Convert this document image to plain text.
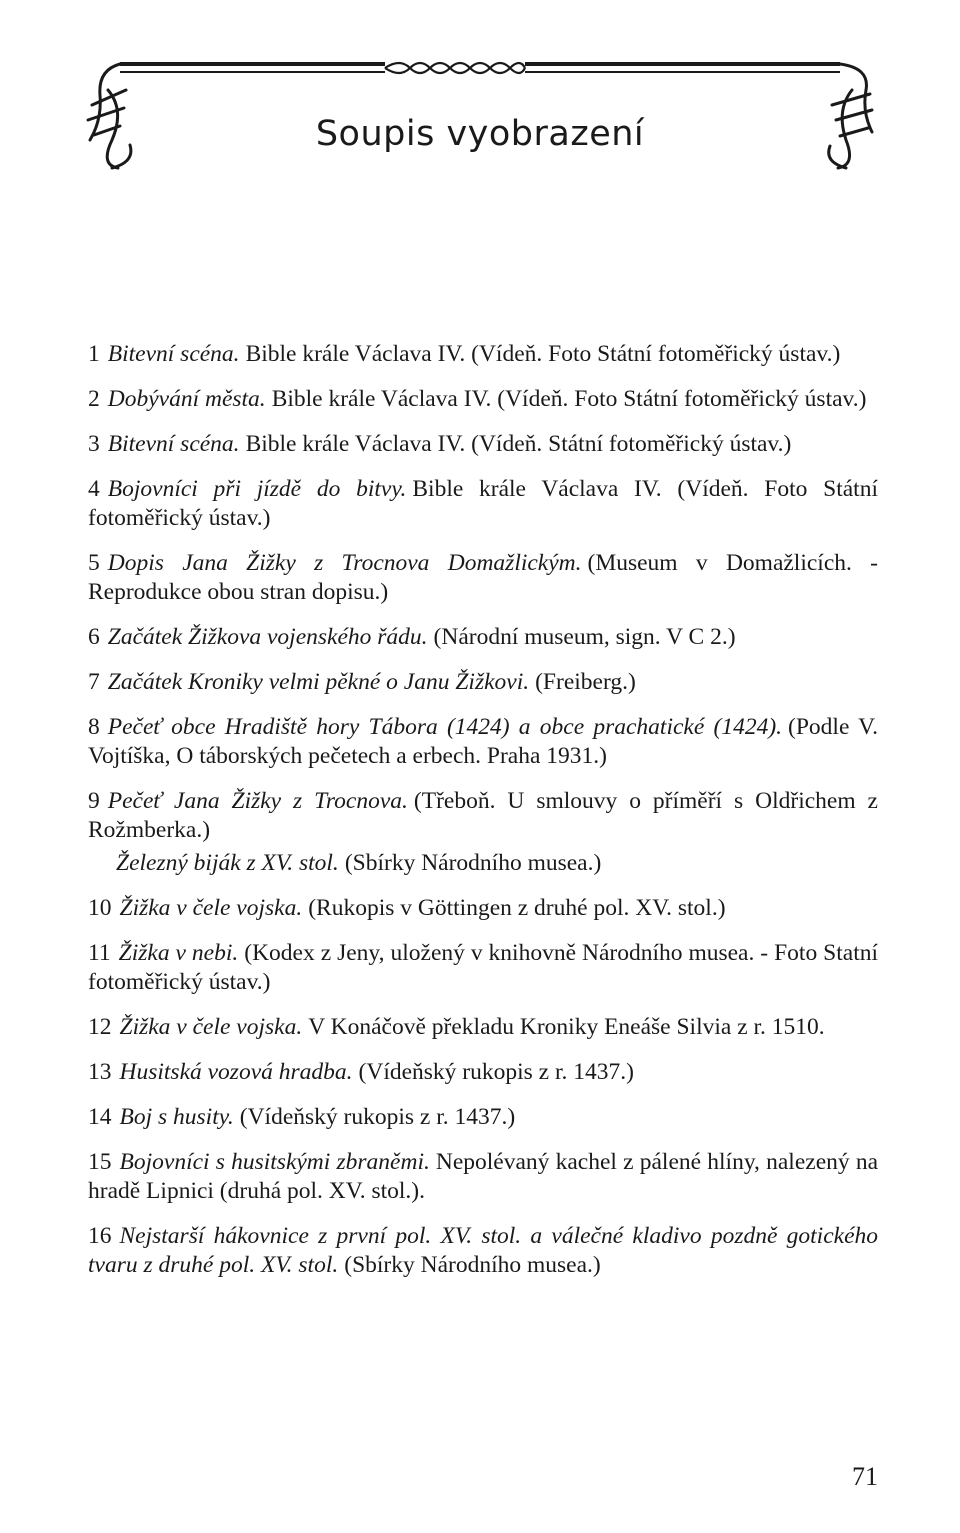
Soupis vyobrazení

1 Bitevní scéna. Bible krále Václava IV. (Vídeň. Foto Státní fotoměřický ústav.)

2 Dobývání města. Bible krále Václava IV. (Vídeň. Foto Státní fotoměřický ústav.)

3 Bitevní scéna. Bible krále Václava IV. (Vídeň. Státní fotoměřický ústav.)

4 Bojovníci při jízdě do bitvy. Bible krále Václava IV. (Vídeň. Foto Státní fotoměřický ústav.)

5 Dopis Jana Žižky z Trocnova Domažlickým. (Museum v Domažlicích. - Reprodukce obou stran dopisu.)

6 Začátek Žižkova vojenského řádu. (Národní museum, sign. V C 2.)

7 Začátek Kroniky velmi pěkné o Janu Žižkovi. (Freiberg.)

8 Pečeť obce Hradiště hory Tábora (1424) a obce prachatické (1424). (Podle V. Vojtíška, O táborských pečetech a erbech. Praha 1931.)

9 Pečeť Jana Žižky z Trocnova. (Třeboň. U smlouvy o příměří s Oldřichem z Rožmberka.)

Železný biják z XV. stol. (Sbírky Národního musea.)

10 Žižka v čele vojska. (Rukopis v Göttingen z druhé pol. XV. stol.)

11 Žižka v nebi. (Kodex z Jeny, uložený v knihovně Národního musea. - Foto Statní fotoměřický ústav.)

12 Žižka v čele vojska. V Konáčově překladu Kroniky Eneáše Silvia z r. 1510.

13 Husitská vozová hradba. (Vídeňský rukopis z r. 1437.)

14 Boj s husity. (Vídeňský rukopis z r. 1437.)

15 Bojovníci s husitskými zbraněmi. Nepolévaný kachel z pálené hlíny, nalezený na hradě Lipnici (druhá pol. XV. stol.).

16 Nejstarší hákovnice z první pol. XV. stol. a válečné kladivo pozdně gotického tvaru z druhé pol. XV. stol. (Sbírky Národního musea.)

71
